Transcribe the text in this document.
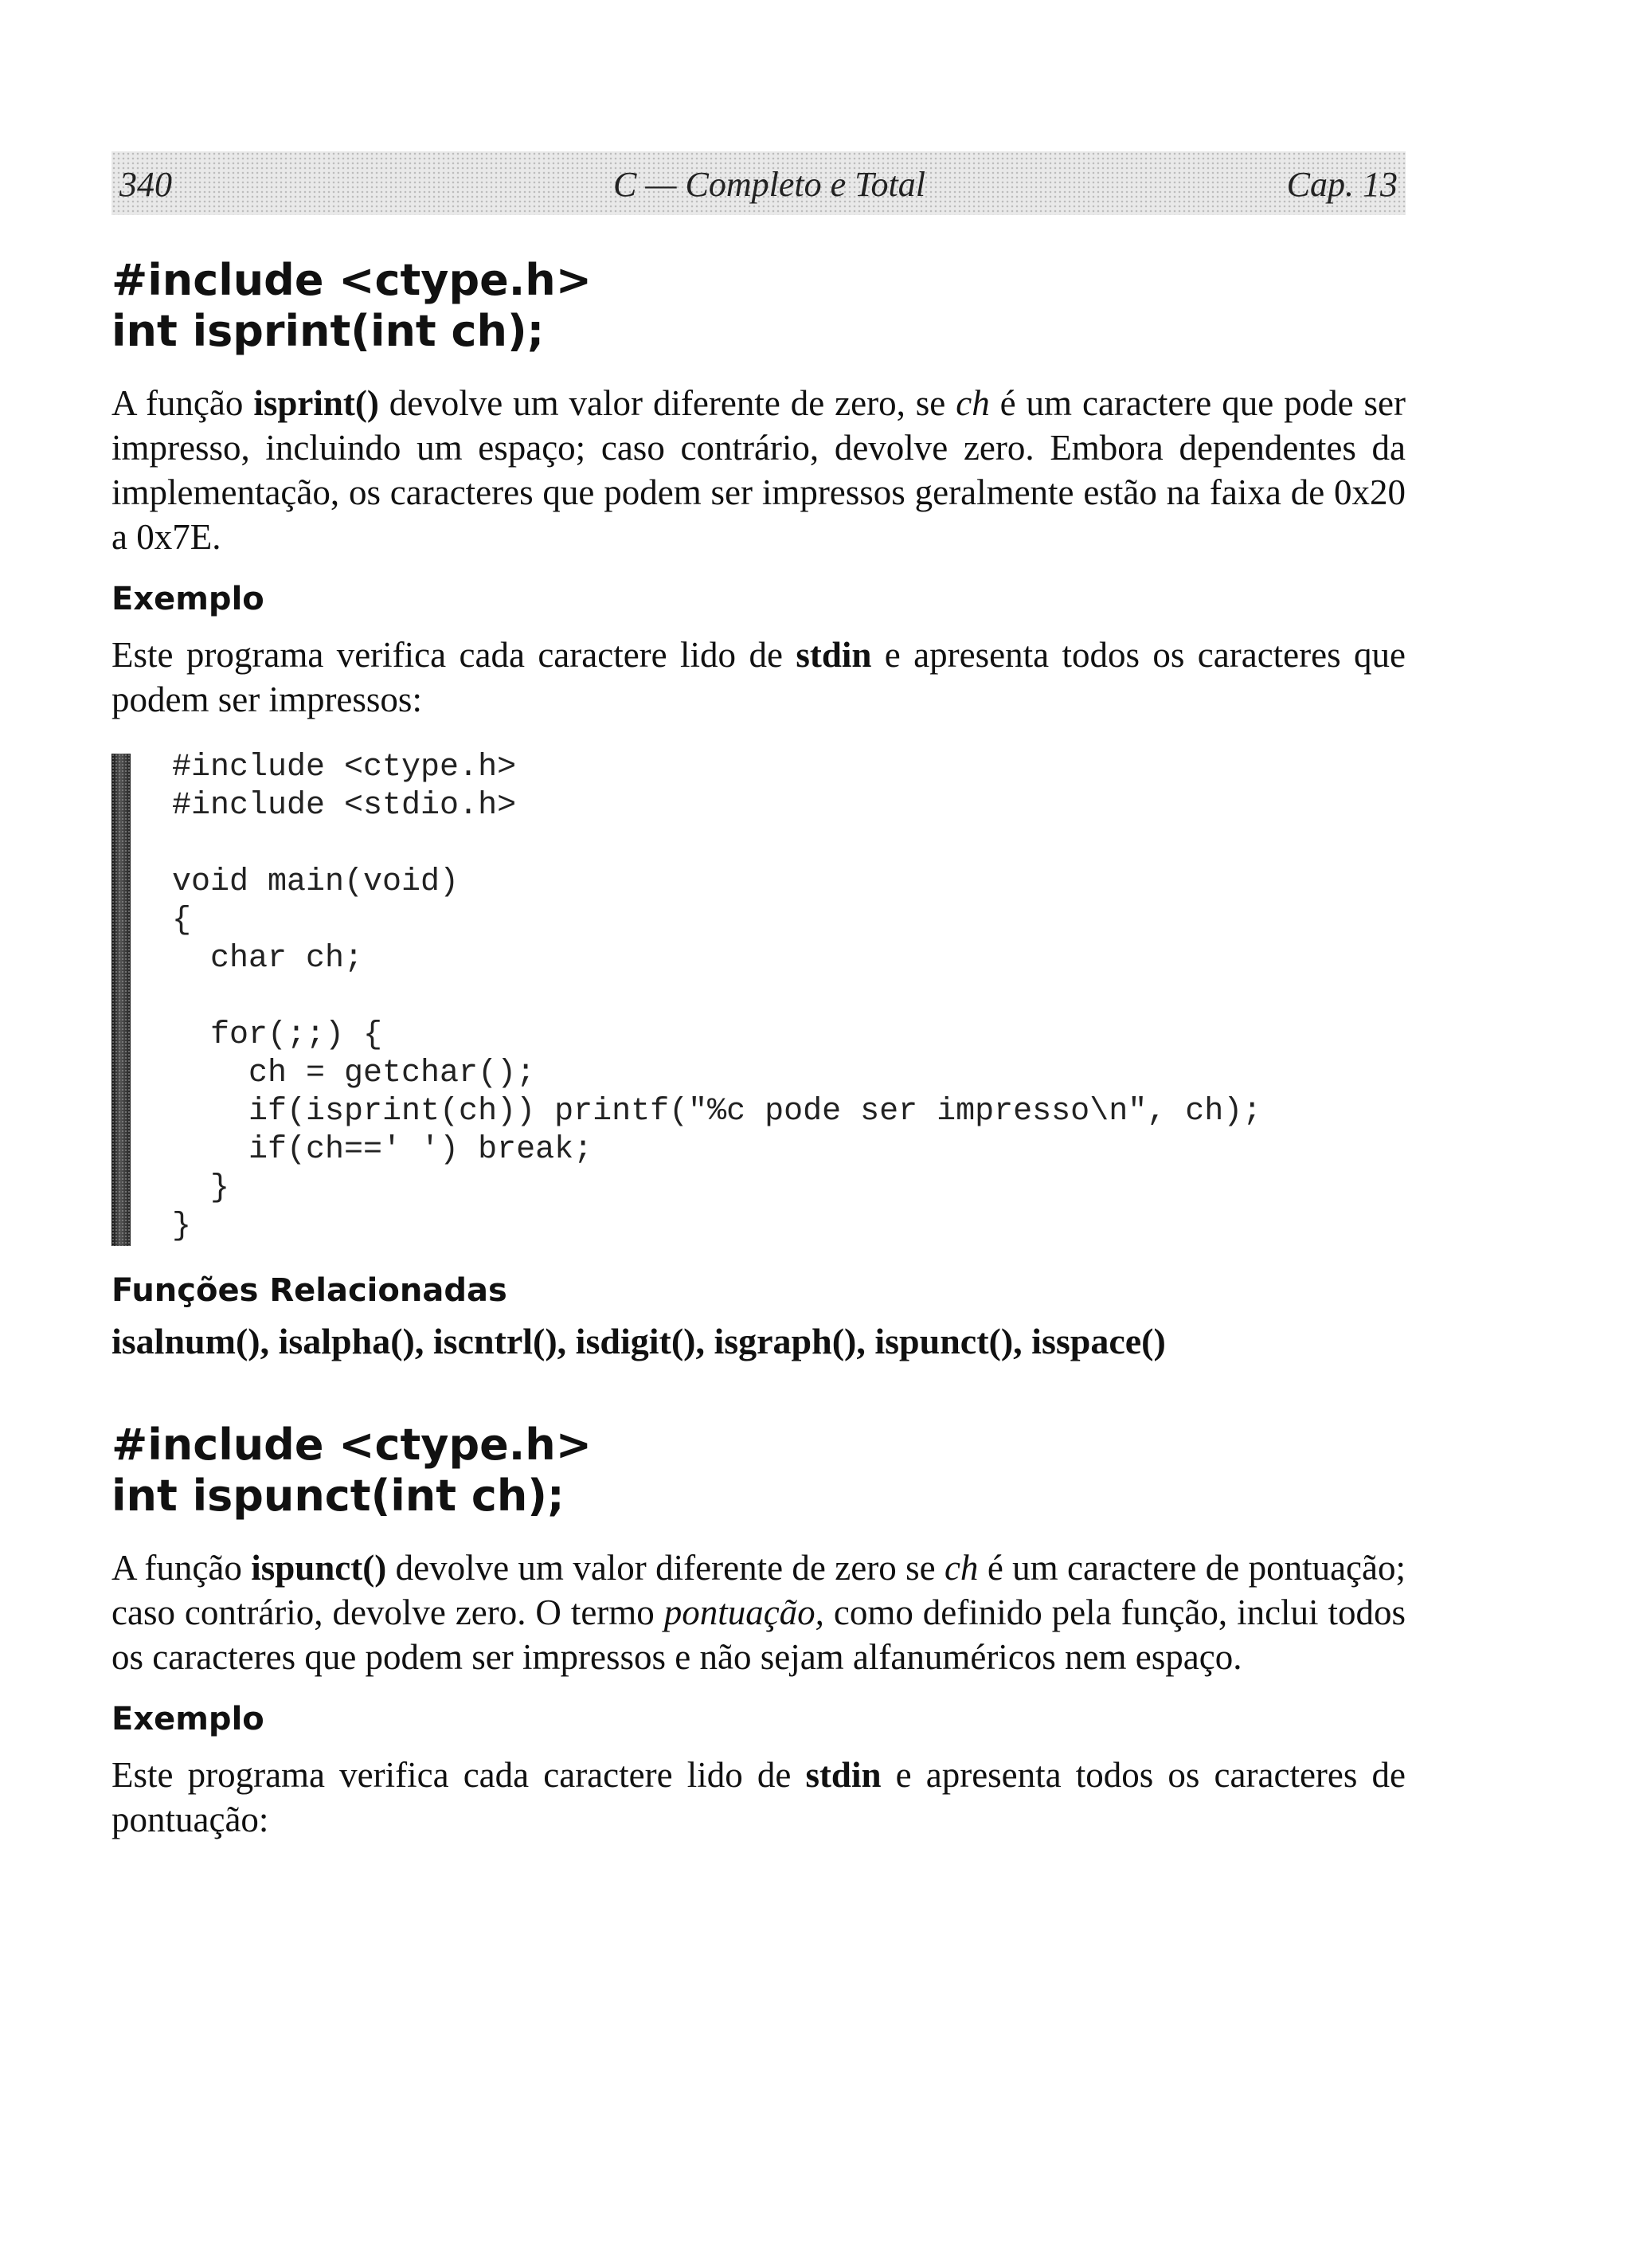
340	C — Completo e Total	Cap. 13

#include <ctype.h>

int isprint(int ch);

A função isprint() devolve um valor diferente de zero, se ch é um caractere que pode ser impresso, incluindo um espaço; caso contrário, devolve zero. Embora dependentes da implementação, os caracteres que podem ser impressos geralmente estão na faixa de 0x20 a 0x7E.

Exemplo

Este programa verifica cada caractere lido de stdin e apresenta todos os caracteres que podem ser impressos:

#include <ctype.h>
#include <stdio.h>

void main(void)
{
char ch;

for(;;) {
ch = getchar();
if(isprint(ch)) printf("%c pode ser impresso\n", ch);
if(ch==' ') break;
}
}

Funções Relacionadas

isalnum(), isalpha(), iscntrl(), isdigit(), isgraph(), ispunct(), isspace()

#include <ctype.h>

int ispunct(int ch);

A função ispunct() devolve um valor diferente de zero se ch é um caractere de pontuação; caso contrário, devolve zero. O termo pontuação, como definido pela função, inclui todos os caracteres que podem ser impressos e não sejam alfanuméricos nem espaço.

Exemplo

Este programa verifica cada caractere lido de stdin e apresenta todos os caracteres de pontuação:
